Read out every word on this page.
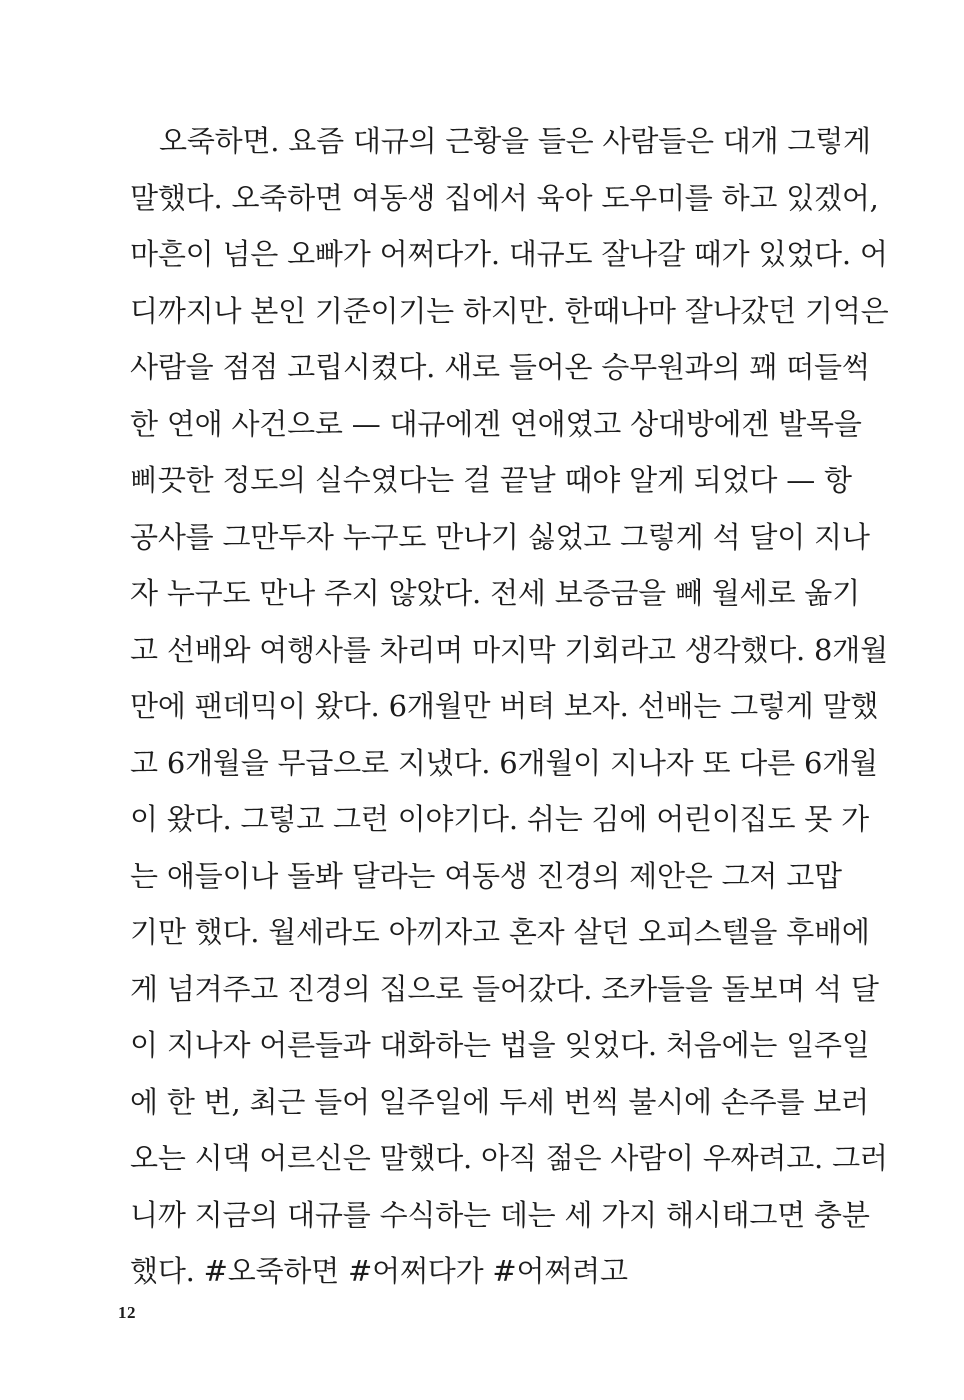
오죽하면. 요즘 대규의 근황을 들은 사람들은 대개 그렇게
말했다. 오죽하면 여동생 집에서 육아 도우미를 하고 있겠어,
마흔이 넘은 오빠가 어쩌다가. 대규도 잘나갈 때가 있었다. 어
디까지나 본인 기준이기는 하지만. 한때나마 잘나갔던 기억은
사람을 점점 고립시켰다. 새로 들어온 승무원과의 꽤 떠들썩
한 연애 사건으로 — 대규에겐 연애였고 상대방에겐 발목을
삐끗한 정도의 실수였다는 걸 끝날 때야 알게 되었다 — 항
공사를 그만두자 누구도 만나기 싫었고 그렇게 석 달이 지나
자 누구도 만나 주지 않았다. 전세 보증금을 빼 월세로 옮기
고 선배와 여행사를 차리며 마지막 기회라고 생각했다. 8개월
만에 팬데믹이 왔다. 6개월만 버텨 보자. 선배는 그렇게 말했
고 6개월을 무급으로 지냈다. 6개월이 지나자 또 다른 6개월
이 왔다. 그렇고 그런 이야기다. 쉬는 김에 어린이집도 못 가
는 애들이나 돌봐 달라는 여동생 진경의 제안은 그저 고맙
기만 했다. 월세라도 아끼자고 혼자 살던 오피스텔을 후배에
게 넘겨주고 진경의 집으로 들어갔다. 조카들을 돌보며 석 달
이 지나자 어른들과 대화하는 법을 잊었다. 처음에는 일주일
에 한 번, 최근 들어 일주일에 두세 번씩 불시에 손주를 보러
오는 시댁 어르신은 말했다. 아직 젊은 사람이 우짜려고. 그러
니까 지금의 대규를 수식하는 데는 세 가지 해시태그면 충분
했다. #오죽하면 #어쩌다가 #어쩌려고
12
